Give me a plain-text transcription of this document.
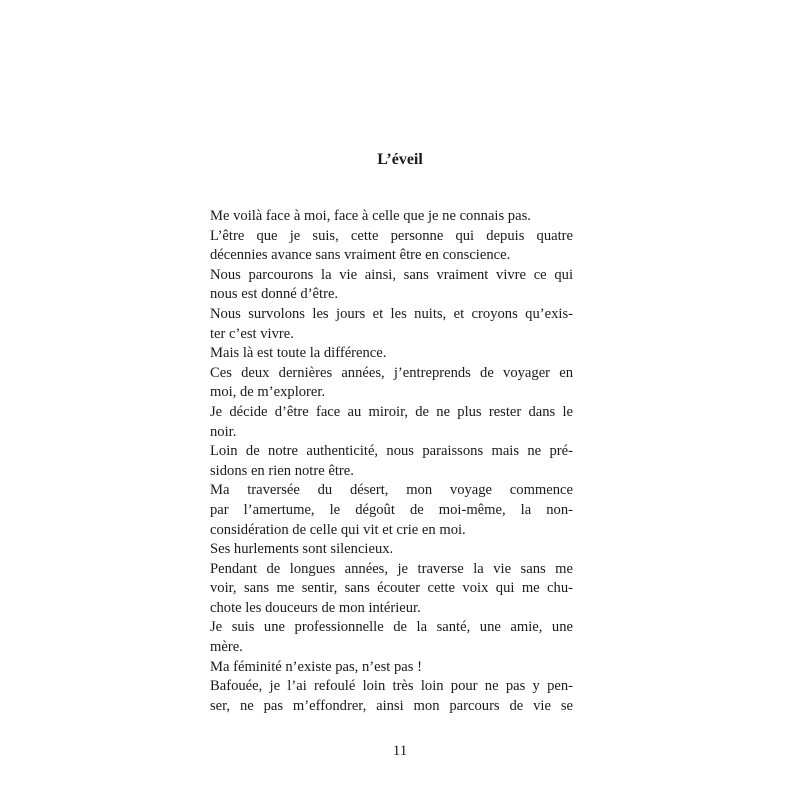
L’éveil
Me voilà face à moi, face à celle que je ne connais pas.
L’être que je suis, cette personne qui depuis quatre
décennies avance sans vraiment être en conscience.
Nous parcourons la vie ainsi, sans vraiment vivre ce qui
nous est donné d’être.
Nous survolons les jours et les nuits, et croyons qu’exis-
ter c’est vivre.
Mais là est toute la différence.
Ces deux dernières années, j’entreprends de voyager en
moi, de m’explorer.
Je décide d’être face au miroir, de ne plus rester dans le
noir.
Loin de notre authenticité, nous paraissons mais ne pré-
sidons en rien notre être.
Ma traversée du désert, mon voyage commence
par l’amertume, le dégoût de moi-même, la non-
considération de celle qui vit et crie en moi.
Ses hurlements sont silencieux.
Pendant de longues années, je traverse la vie sans me
voir, sans me sentir, sans écouter cette voix qui me chu-
chote les douceurs de mon intérieur.
Je suis une professionnelle de la santé, une amie, une
mère.
Ma féminité n’existe pas, n’est pas !
Bafouée, je l’ai refoulé loin très loin pour ne pas y pen-
ser, ne pas m’effondrer, ainsi mon parcours de vie se
11
